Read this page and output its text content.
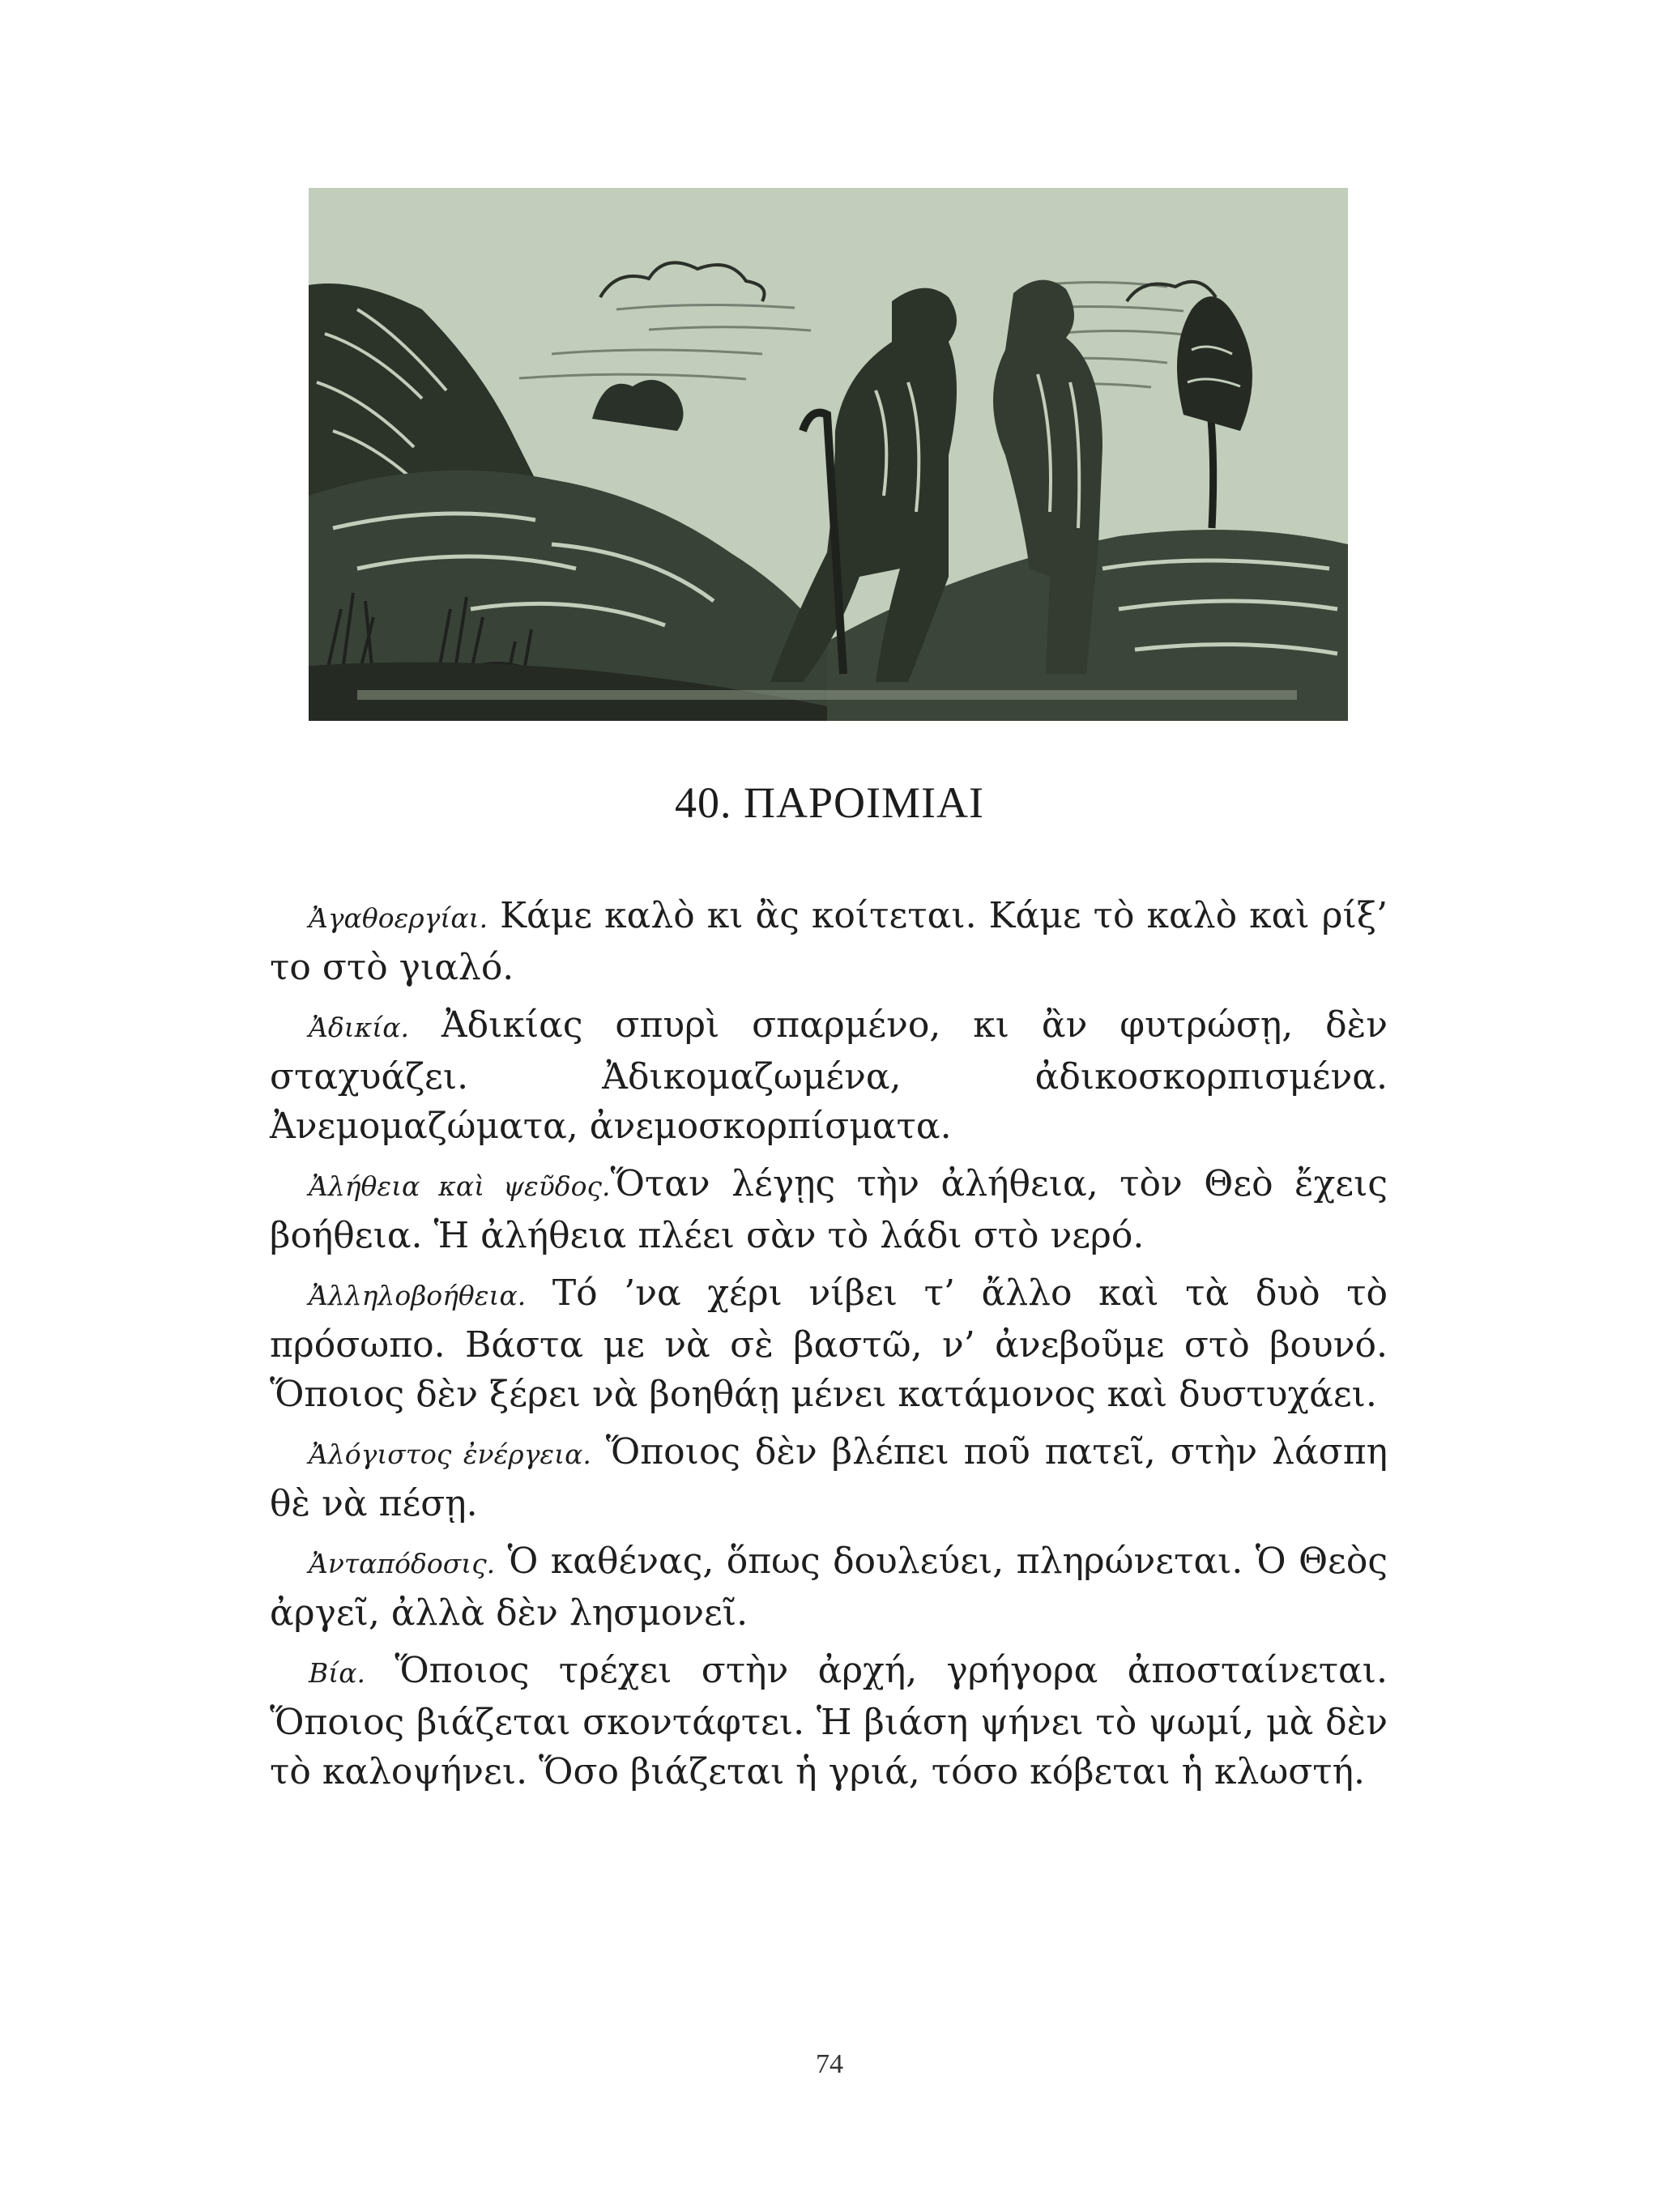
40. ΠΑΡΟΙΜΙΑΙ

Ἀγαθοεργίαι. Κάμε καλὸ κι ἂς κοίτεται. Κάμε τὸ καλὸ καὶ ρίξ’ το στὸ γιαλό.

Ἀδικία. Ἀδικίας σπυρὶ σπαρμένο, κι ἂν φυτρώσῃ, δὲν σταχυάζει. Ἀδικομαζωμένα, ἀδικοσκορπισμένα. Ἀνεμομαζώματα, ἀνεμοσκορπίσματα.

Ἀλήθεια καὶ ψεῦδος.Ὅταν λέγῃς τὴν ἀλήθεια, τὸν Θεὸ ἔχεις βοήθεια. Ἡ ἀλήθεια πλέει σὰν τὸ λάδι στὸ νερό.

Ἀλληλοβοήθεια. Τό ’να χέρι νίβει τ’ ἄλλο καὶ τὰ δυὸ τὸ πρόσωπο. Βάστα με νὰ σὲ βαστῶ, ν’ ἀνεβοῦμε στὸ βουνό. Ὅποιος δὲν ξέρει νὰ βοηθάῃ μένει κατάμονος καὶ δυστυχάει.

Ἀλόγιστος ἐνέργεια. Ὅποιος δὲν βλέπει ποῦ πατεῖ, στὴν λάσπη θὲ νὰ πέσῃ.

Ἀνταπόδοσις. Ὁ καθένας, ὅπως δουλεύει, πληρώνεται. Ὁ Θεὸς ἀργεῖ, ἀλλὰ δὲν λησμονεῖ.

Βία. Ὅποιος τρέχει στὴν ἀρχή, γρήγορα ἀποσταίνεται. Ὅποιος βιάζεται σκοντάφτει. Ἡ βιάση ψήνει τὸ ψωμί, μὰ δὲν τὸ καλοψήνει. Ὅσο βιάζεται ἡ γριά, τόσο κόβεται ἡ κλωστή.

74
